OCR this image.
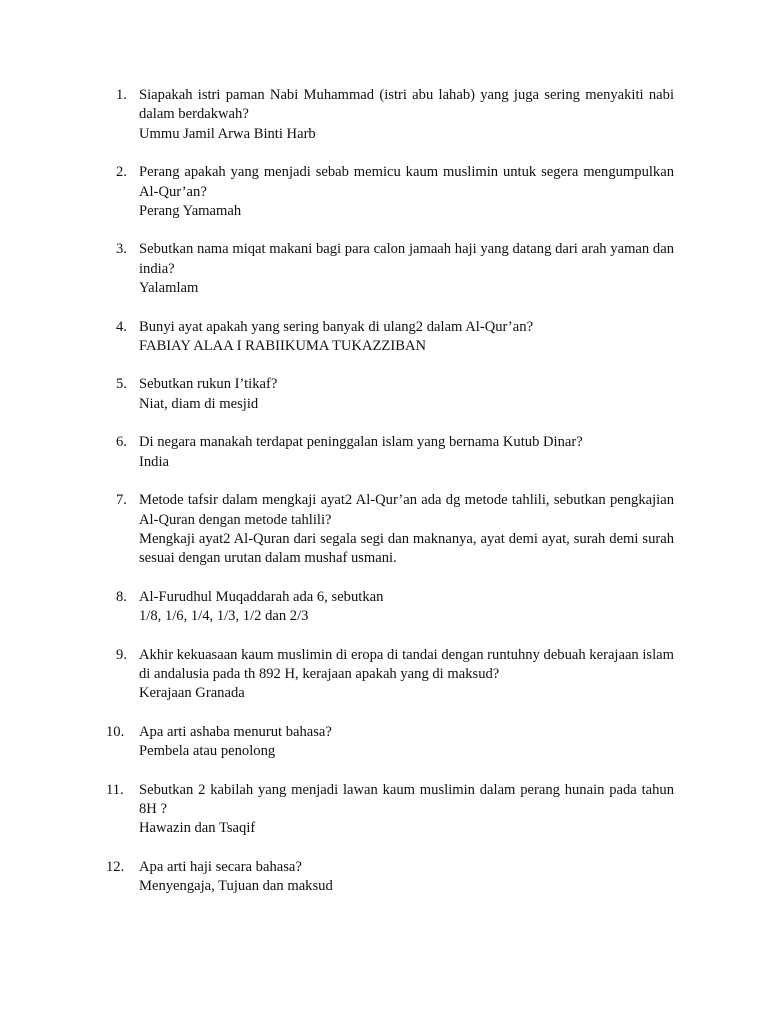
1. Siapakah istri paman Nabi Muhammad (istri abu lahab) yang juga sering menyakiti nabi dalam berdakwah?
Ummu Jamil Arwa Binti Harb
2. Perang apakah yang menjadi sebab memicu kaum muslimin untuk segera mengumpulkan Al-Qur’an?
Perang Yamamah
3. Sebutkan nama miqat makani bagi para calon jamaah haji yang datang dari arah yaman dan india?
Yalamlam
4. Bunyi ayat apakah yang sering banyak di ulang2 dalam Al-Qur’an?
FABIAY ALAA I RABIIKUMA TUKAZZIBAN
5. Sebutkan rukun I’tikaf?
Niat, diam di mesjid
6. Di negara manakah terdapat peninggalan islam yang bernama Kutub Dinar?
India
7. Metode tafsir dalam mengkaji ayat2 Al-Qur’an ada dg metode tahlili, sebutkan pengkajian Al-Quran dengan metode tahlili?
Mengkaji ayat2 Al-Quran dari segala segi dan maknanya, ayat demi ayat, surah demi surah sesuai dengan urutan dalam mushaf usmani.
8. Al-Furudhul Muqaddarah ada 6, sebutkan
1/8, 1/6, 1/4, 1/3, 1/2 dan 2/3
9. Akhir kekuasaan kaum muslimin di eropa di tandai dengan runtuhny debuah kerajaan islam di andalusia pada th 892 H, kerajaan apakah yang di maksud?
Kerajaan Granada
10.	Apa arti ashaba menurut bahasa?
Pembela atau penolong
11.	Sebutkan 2 kabilah yang menjadi lawan kaum muslimin dalam perang hunain pada tahun 8H ?
Hawazin dan Tsaqif
12.	Apa arti haji secara bahasa?
Menyengaja, Tujuan dan maksud
